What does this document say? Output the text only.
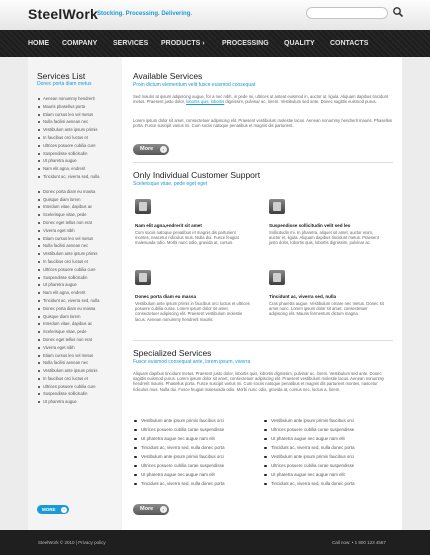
SteelWork
Stocking. Processing. Delivering.
HOME COMPANY SERVICES PRODUCTS › PROCESSING QUALITY CONTACTS
Services List
Donec porta diam metus
Aenean nonummy hendrerit
Mauris phasellus porta
Etiam cursus leo vel metus
Nulla facilisi aenean nec
Vestibulum ante ipsum primis
In faucibus orci luctus et
Ultrices posuere cubilia cure
Suspendisse sollicitudin
Ut pharetra augue
Nam elit agna, endrerit
Tincidunt ac, viverra sed, nulla
Donec porta diam eu massa
Quisque diam lorem
Interdum vitae, dapibus ac
Scelerisque vitae, pede
Donec eget tellus non erat
Viverra eget nibh
Etiam cursus leo vel metus
Nulla facilisi aenean nec
Vestibulum ante ipsum primis
In faucibus orci luctus et
Ultrices posuere cubilia cure
Suspendisse sollicitudin
Ut pharetra augue
Nam elit agna, endrerit
Tincidunt ac, viverra sed, nulla
Donec porta diam eu massa
Quisque diam lorem
Interdum vitae, dapibus ac
Scelerisque vitae, pede
Donec eget tellus non erat
Viverra eget nibh
Etiam cursus leo vel metus
Nulla facilisi aenean nec
Vestibulum ante ipsum primis
In faucibus orci luctus et
Ultrices posuere cubilia cure
Suspendisse sollicitudin
Ut pharetra augue
MORE	›
Available Services
Proin dictum elementum velit fusce euismod consequat

Sed mauris at ipsum adipiscing augue, for a nec nibh, in pede mi, ultrices ut anteat euismod in, auctor ut, ligula. Aliquam dapibus tincidunt metus. Praesent justo dolor, lobortis quis, lobortis dignissim, pulvinar ac, lorem. Vestibulum sed ante. Donec sagittis euismod purus.

Lorem ipsum dolor sit amet, consectetuer adipiscing elit. Praesent vestibulum molestie lacus. Aenean nonummy hendrerit mauris. Phasellus porta. Fusce suscipit varius mi. Cum sociis natoque penatibus et magnis dis parturient.

More	›
Only Individual Customer Support
Scelerisque vitae, pede eget eget
Nam elit agna,endrerit sit amet
Cum sociis natoque penatibus et magnis dis parturient montes, nascetur ridiculus mus. Nulla dui. Fusce feugiat malesuada odio. Morbi nunc odio, gravida at, cursus.
Suspendisse sollicitudin velit sed leo
Sollicitudin mi. In pharetra, aliquet sit amet, auctor enim, auctor et, ligula. Aliquam dapibus tincidunt metus. Praesent justo dolor, lobortis quis, lobortis dignissim, pulvinar ac.
Donec porta diam eu massa
Vestibulum ante ipsum primis in faucibus orci luctus et ultrices posuere cubilia curae. Lorem ipsum dolor sit amet, consectetuer adipiscing elit. Praesent vestibulum molestie lacus. Aenean nonummy hendrerit mauris.
Tincidunt ac, viverra sed, nulla
Cras pharetra augue. Vestibulum ornare nec metus. Donec sit amet nunc. Lorem ipsum dolor sit amet, consectetuer adipiscing elit. Mauris fermentum dictum magna.
Specialized Services
Fusce euismod consequat ante, lorem ipsum, viverra

Aliquam dapibus tincidunt metus. Praesent justo dolor, lobortis quis, lobortis dignissim, pulvinar ac, lorem. Vestibulum sed ante. Donec sagittis euismod purus. Lorem ipsum dolor sit amet, consectetuer adipiscing elit. Praesent vestibulum molestie lacus. Aenean nonummy hendrerit mauris. Phasellus porta. Fusce suscipit varius mi. Cum sociis natoque penatibus et magnis dis parturient montes, nascetur ridiculus mus. Nulla dui. Fusce feugiat malesuada odio. Morbi nunc odio, gravida at, cursus nec, luctus a, lorem.

Vestibulum ante ipsum primis faucibus orci
Ultrices posuere cubilia curae suspendisse
Ut pharetra augue nec augue nam elit
Tincidunt ac, viverra sed, nulla donec porta
Vestibulum ante ipsum primis faucibus orci
Ultrices posuere cubilia curae suspendisse
Ut pharetra augue nec augue nam elit
Tincidunt ac, viverra sed, nulla donec porta
Vestibulum ante ipsum primis faucibus orci
Ultrices posuere cubilia curae suspendisse
Ut pharetra augue nec augue nam elit
Tincidunt ac, viverra sed, nulla donec porta
Vestibulum ante ipsum primis faucibus orci
Ultrices posuere cubilia curae suspendisse
Ut pharetra augue nec augue nam elit
Tincidunt ac, viverra sed, nulla donec porta
More	›
SteelWork © 2010 | Privacy policy	Call now: • 1 800 123 4567
